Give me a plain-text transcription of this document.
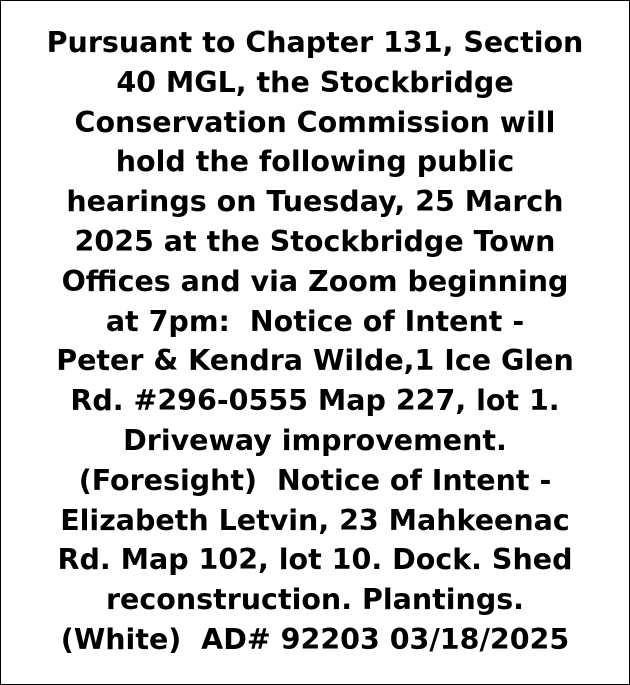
Pursuant to Chapter 131, Section
40 MGL, the Stockbridge
Conservation Commission will
hold the following public
hearings on Tuesday, 25 March
2025 at the Stockbridge Town
Offices and via Zoom beginning
at 7pm:  Notice of Intent -
Peter & Kendra Wilde,1 Ice Glen
Rd. #296-0555 Map 227, lot 1.
Driveway improvement.
(Foresight)  Notice of Intent -
Elizabeth Letvin, 23 Mahkeenac
Rd. Map 102, lot 10. Dock. Shed
reconstruction. Plantings.
(White)  AD# 92203 03/18/2025
